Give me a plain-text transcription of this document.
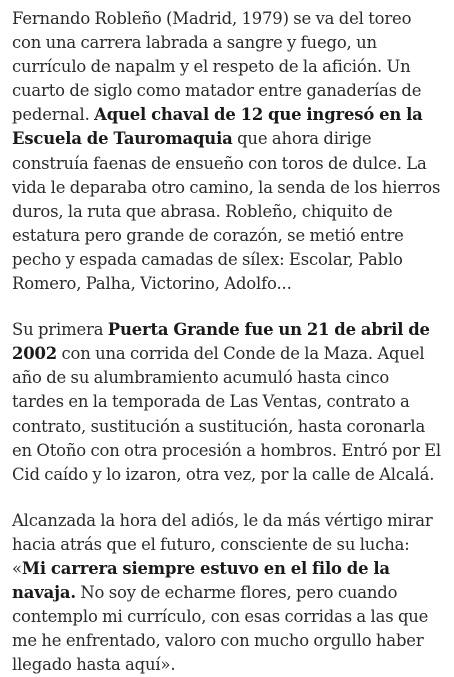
Fernando Robleño (Madrid, 1979) se va del toreo con una carrera labrada a sangre y fuego, un currículo de napalm y el respeto de la afición. Un cuarto de siglo como matador entre ganaderías de pedernal. Aquel chaval de 12 que ingresó en la Escuela de Tauromaquia que ahora dirige construía faenas de ensueño con toros de dulce. La vida le deparaba otro camino, la senda de los hierros duros, la ruta que abrasa. Robleño, chiquito de estatura pero grande de corazón, se metió entre pecho y espada camadas de sílex: Escolar, Pablo Romero, Palha, Victorino, Adolfo...

Su primera Puerta Grande fue un 21 de abril de 2002 con una corrida del Conde de la Maza. Aquel año de su alumbramiento acumuló hasta cinco tardes en la temporada de Las Ventas, contrato a contrato, sustitución a sustitución, hasta coronarla en Otoño con otra procesión a hombros. Entró por El Cid caído y lo izaron, otra vez, por la calle de Alcalá.

Alcanzada la hora del adiós, le da más vértigo mirar hacia atrás que el futuro, consciente de su lucha: «Mi carrera siempre estuvo en el filo de la navaja. No soy de echarme flores, pero cuando contemplo mi currículo, con esas corridas a las que me he enfrentado, valoro con mucho orgullo haber llegado hasta aquí».
